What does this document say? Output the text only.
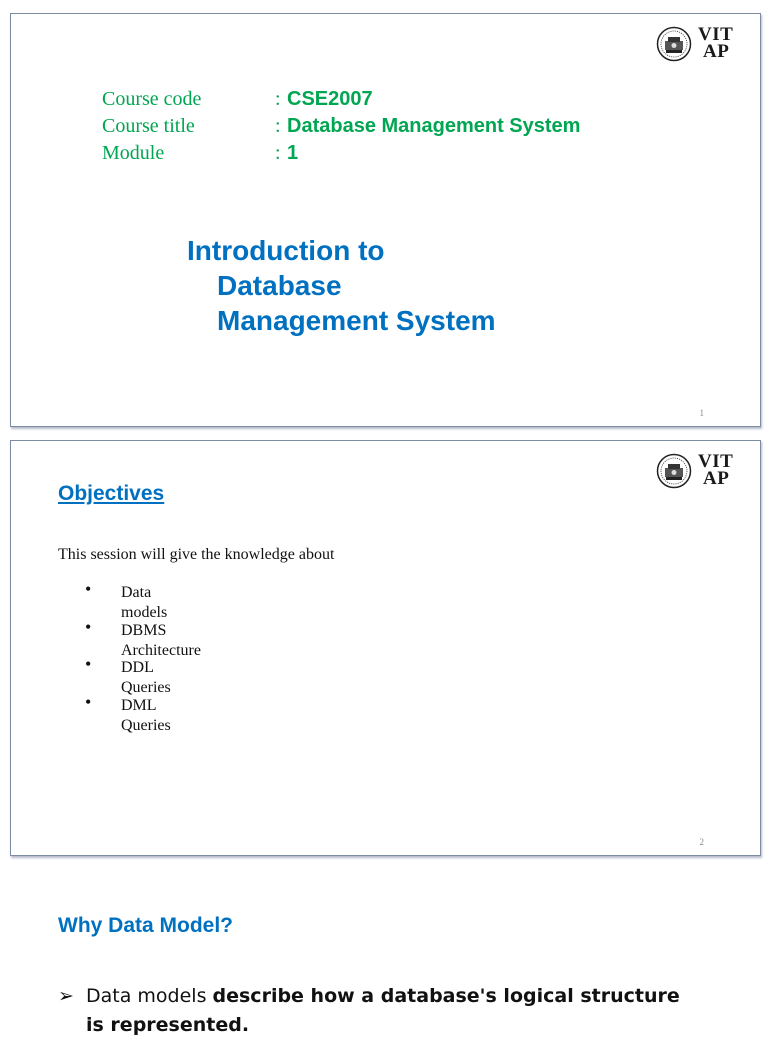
VIT
AP
Course code	: CSE2007
Course title	: Database Management System
Module	: 1
Introduction to
Database
Management System
1
VIT
AP
Objectives
This session will give the knowledge about
• Data models
• DBMS Architecture
• DDL Queries
• DML Queries
2
Why Data Model?
➢ Data models describe how a database's logical structure
is represented.
